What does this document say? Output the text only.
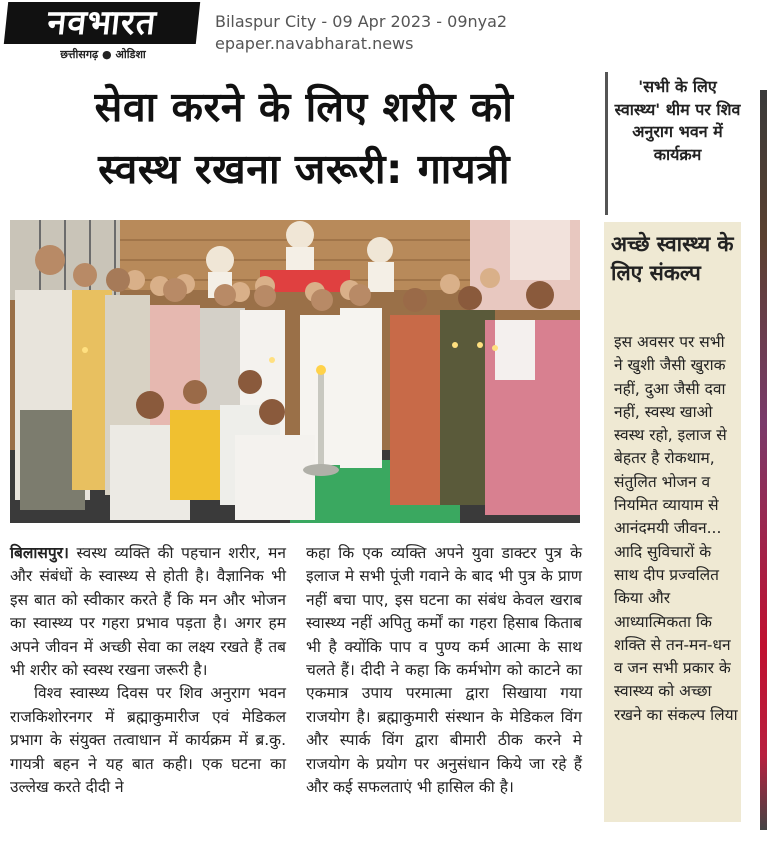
नवभारत
छत्तीसगढ़ ● ओडिशा
Bilaspur City - 09 Apr 2023 - 09nya2
epaper.navabharat.news
सेवा करने के लिए शरीर को
स्वस्थ रखना जरूरी: गायत्री
'सभी के लिए स्वास्थ्य' थीम पर शिव अनुराग भवन में कार्यक्रम
अच्छे स्वास्थ्य के लिए संकल्प
इस अवसर पर सभी ने खुशी जैसी खुराक नहीं, दुआ जैसी दवा नहीं, स्वस्थ खाओ स्वस्थ रहो, इलाज से बेहतर है रोकथाम, संतुलित भोजन व नियमित व्यायाम से आनंदमयी जीवन... आदि सुविचारों के साथ दीप प्रज्वलित किया और आध्यात्मिकता कि शक्ति से तन-मन-धन व जन सभी प्रकार के स्वास्थ्य को अच्छा रखने का संकल्प लिया
बिलासपुर। स्वस्थ व्यक्ति की पहचान शरीर, मन और संबंधों के स्वास्थ्य से होती है। वैज्ञानिक भी इस बात को स्वीकार करते हैं कि मन और भोजन का स्वास्थ्य पर गहरा प्रभाव पड़ता है। अगर हम अपने जीवन में अच्छी सेवा का लक्ष्य रखते हैं तब भी शरीर को स्वस्थ रखना जरूरी है।
विश्व स्वास्थ्य दिवस पर शिव अनुराग भवन राजकिशोरनगर में ब्रह्माकुमारीज एवं मेडिकल प्रभाग के संयुक्त तत्वाधान में कार्यक्रम में ब्र.कु. गायत्री बहन ने यह बात कही। एक घटना का उल्लेख करते दीदी ने
कहा कि एक व्यक्ति अपने युवा डाक्टर पुत्र के इलाज मे सभी पूंजी गवाने के बाद भी पुत्र के प्राण नहीं बचा पाए, इस घटना का संबंध केवल खराब स्वास्थ्य नहीं अपितु कर्मों का गहरा हिसाब किताब भी है क्योंकि पाप व पुण्य कर्म आत्मा के साथ चलते हैं। दीदी ने कहा कि कर्मभोग को काटने का एकमात्र उपाय परमात्मा द्वारा सिखाया गया राजयोग है। ब्रह्माकुमारी संस्थान के मेडिकल विंग और स्पार्क विंग द्वारा बीमारी ठीक करने मे राजयोग के प्रयोग पर अनुसंधान किये जा रहे हैं और कई सफलताएं भी हासिल की है।
